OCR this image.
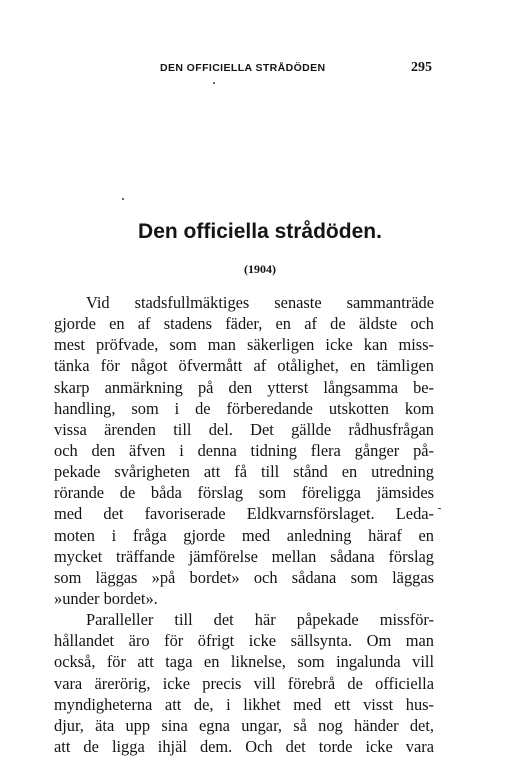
DEN OFFICIELLA STRÅDÖDEN	295
Den officiella strådöden.
(1904)
Vid stadsfullmäktiges senaste sammanträde
gjorde en af stadens fäder, en af de äldste och
mest pröfvade, som man säkerligen icke kan miss-
tänka för något öfvermått af otålighet, en tämligen
skarp anmärkning på den ytterst långsamma be-
handling, som i de förberedande utskotten kom
vissa ärenden till del. Det gällde rådhusfrågan
och den äfven i denna tidning flera gånger på-
pekade svårigheten att få till stånd en utredning
rörande de båda förslag som föreligga jämsides
med det favoriserade Eldkvarnsförslaget. Leda-
moten i fråga gjorde med anledning häraf en
mycket träffande jämförelse mellan sådana förslag
som läggas »på bordet» och sådana som läggas
»under bordet».
Paralleller till det här påpekade missför-
hållandet äro för öfrigt icke sällsynta. Om man
också, för att taga en liknelse, som ingalunda vill
vara ärerörig, icke precis vill förebrå de officiella
myndigheterna att de, i likhet med ett visst hus-
djur, äta upp sina egna ungar, så nog händer det,
att de ligga ihjäl dem. Och det torde icke vara
